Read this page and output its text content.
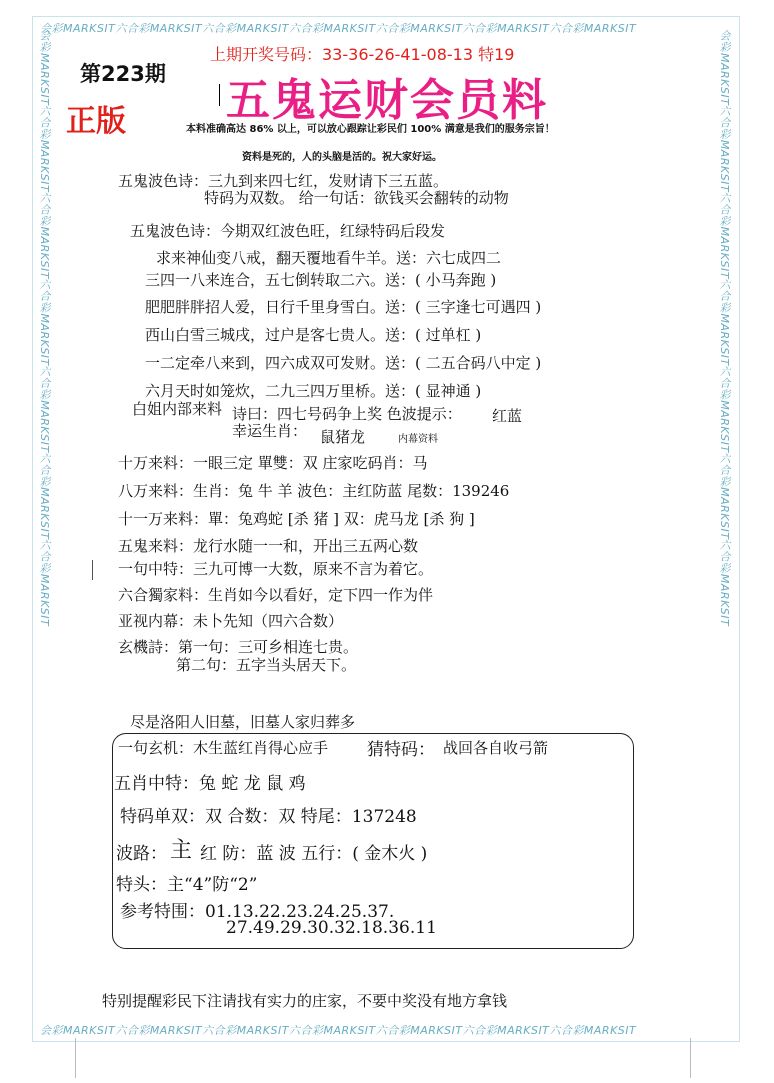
会彩MARKSIT六合彩MARKSIT六合彩MARKSIT六合彩MARKSIT六合彩MARKSIT六合彩MARKSIT六合彩MARKSIT
会彩MARKSIT六合彩MARKSIT六合彩MARKSIT六合彩MARKSIT六合彩MARKSIT六合彩MARKSIT六合彩MARKSIT
会彩MARKSIT六合彩MARKSIT六合彩MARKSIT六合彩MARKSIT六合彩MARKSIT六合彩MARKSIT六合彩MARKSIT	会彩MARKSIT六合彩MARKSIT六合彩MARKSIT六合彩MARKSIT六合彩MARKSIT六合彩MARKSIT六合彩MARKSIT
第223期
正版
上期开奖号码：33-36-26-41-08-13 特19
五鬼运财会员料
本料准确高达 86% 以上，可以放心跟踪让彩民们 100% 满意是我们的服务宗旨！
资料是死的，人的头脑是活的。祝大家好运。
五鬼波色诗：三九到来四七红，发财请下三五蓝。
特码为双数。 给一句话：欲钱买会翻转的动物
五鬼波色诗：今期双红波色旺，红绿特码后段发
求来神仙变八戒，翻天覆地看牛羊。送：六七成四二
三四一八来连合，五七倒转取二六。送：( 小马奔跑 )
肥肥胖胖招人爱，日行千里身雪白。送：( 三字逢七可遇四 )
西山白雪三城戌，过户是客七贵人。送：( 过单杠 )
一二定牵八来到，四六成双可发财。送：( 二五合码八中定 )
六月天时如笼炊，二九三四万里桥。送：( 显神通 )
白姐内部来料 诗曰：四七号码争上奖 色波提示： 红蓝
幸运生肖： 鼠猪龙	内幕资料
十万来料：一眼三定 單雙：双 庄家吃码肖：马
八万来料：生肖：兔 牛 羊 波色：主红防蓝 尾数：139246
十一万来料：單：兔鸡蛇 [杀 猪 ] 双：虎马龙 [杀 狗 ]
五鬼来料：龙行水随一一和，开出三五两心数
一句中特：三九可博一大数，原来不言为着它。
六合獨家料：生肖如今以看好，定下四一作为伴
亚视内幕：未卜先知（四六合数）
玄機詩：第一句：三可乡相连七贵。
第二句：五字当头居天下。
尽是洛阳人旧墓，旧墓人家归葬多
一句玄机：木生蓝红肖得心应手 猜特码： 战回各自收弓箭
五肖中特：兔 蛇 龙 鼠 鸡
特码单双：双 合数：双 特尾：137248
波路： 主 红 防：蓝 波 五行：( 金木火 )
特头：主“4”防“2”
参考特围：01.13.22.23.24.25.37.
27.49.29.30.32.18.36.11
特别提醒彩民下注请找有实力的庄家，不要中奖没有地方拿钱
